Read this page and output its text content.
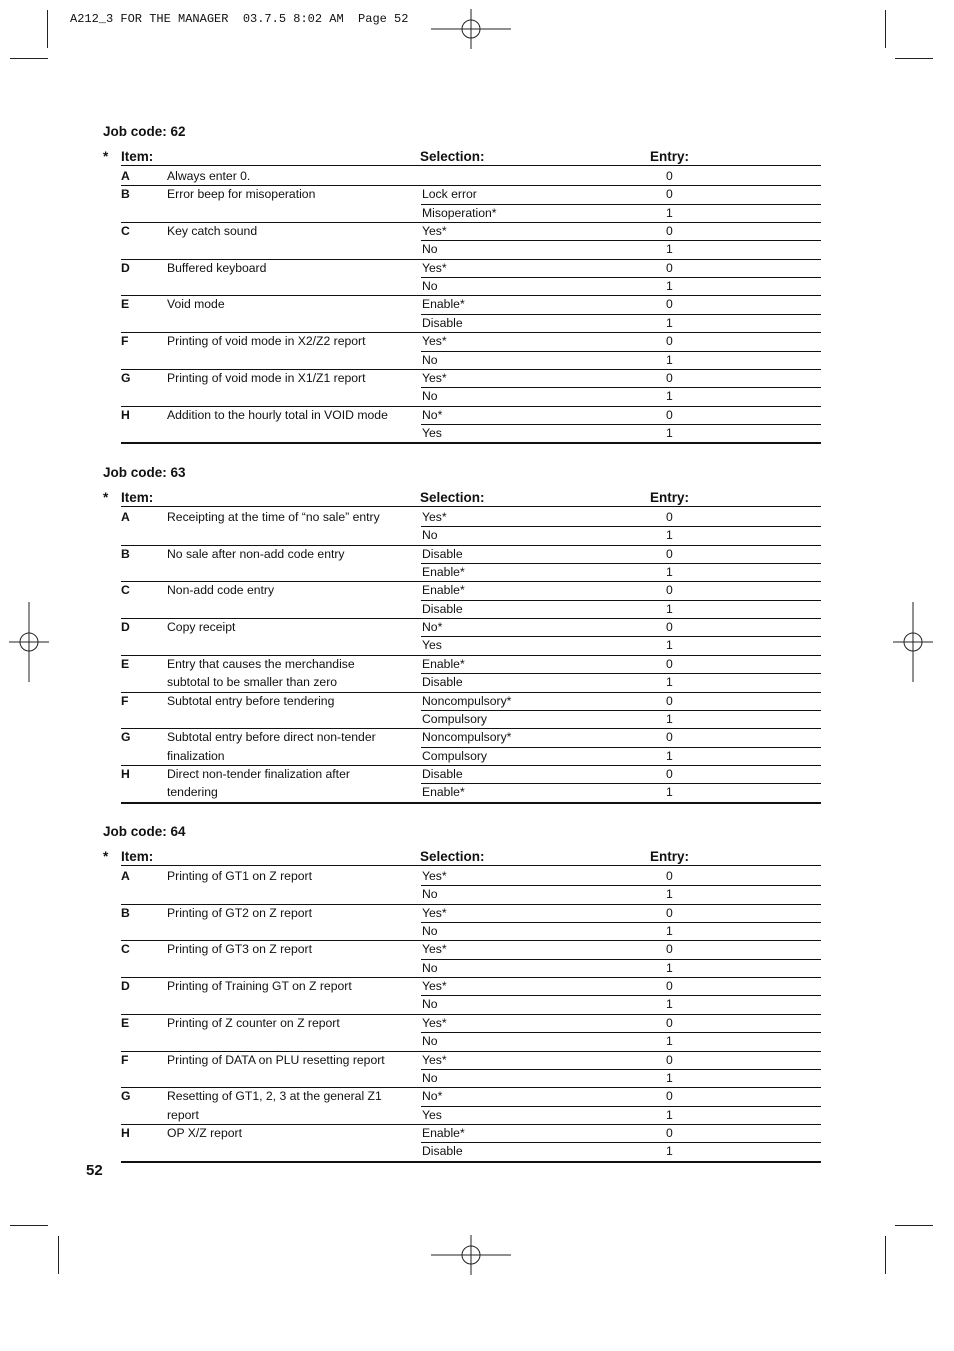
A212_3 FOR THE MANAGER  03.7.5 8:02 AM  Page 52
Job code: 62
* Item:	Selection:	Entry:
A	Always enter 0.	0
B	Error beep for misoperation	Lock error	0
Misoperation*	1
C	Key catch sound	Yes*	0
No	1
D	Buffered keyboard	Yes*	0
No	1
E	Void mode	Enable*	0
Disable	1
F	Printing of void mode in X2/Z2 report	Yes*	0
No	1
G	Printing of void mode in X1/Z1 report	Yes*	0
No	1
H	Addition to the hourly total in VOID mode	No*	0
Yes	1
Job code: 63
* Item:	Selection:	Entry:
A	Receipting at the time of “no sale” entry	Yes*	0
No	1
B	No sale after non-add code entry	Disable	0
Enable*	1
C	Non-add code entry	Enable*	0
Disable	1
D	Copy receipt	No*	0
Yes	1
E	Entry that causes the merchandise
subtotal to be smaller than zero
Enable*	0
Disable	1
F	Subtotal entry before tendering	Noncompulsory*	0
Compulsory	1
G	Subtotal entry before direct non-tender
finalization
Noncompulsory*	0
Compulsory	1
H	Direct non-tender finalization after
tendering
Disable	0
Enable*	1
Job code: 64
* Item:	Selection:	Entry:
A	Printing of GT1 on Z report	Yes*	0
No	1
B	Printing of GT2 on Z report	Yes*	0
No	1
C	Printing of GT3 on Z report	Yes*	0
No	1
D	Printing of Training GT on Z report	Yes*	0
No	1
E	Printing of Z counter on Z report	Yes*	0
No	1
F	Printing of DATA on PLU resetting report	Yes*	0
No	1
G	Resetting of GT1, 2, 3 at the general Z1
report
No*	0
Yes	1
H	OP X/Z report	Enable*	0
Disable	1
52
